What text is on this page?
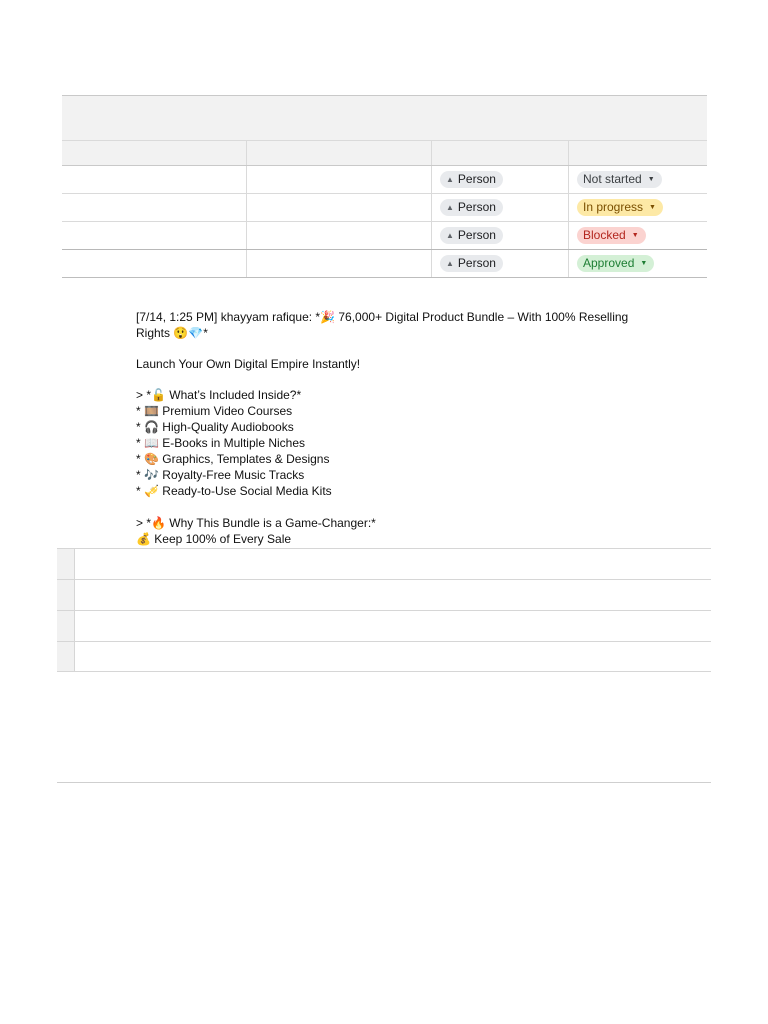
▲ Person	Not started ▼
▲ Person	In progress ▼
▲ Person	Blocked ▼
▲ Person	Approved ▼

[7/14, 1:25 PM] khayyam rafique: *🎉 76,000+ Digital Product Bundle – With 100% Reselling

Rights 😲💎*

Launch Your Own Digital Empire Instantly!

> *🔓 What’s Included Inside?*

* 🎞️ Premium Video Courses

* 🎧 High-Quality Audiobooks

* 📖 E-Books in Multiple Niches

* 🎨 Graphics, Templates & Designs

* 🎶 Royalty-Free Music Tracks

* 🎺 Ready-to-Use Social Media Kits

> *🔥 Why This Bundle is a Game-Changer:*

💰 Keep 100% of Every Sale
